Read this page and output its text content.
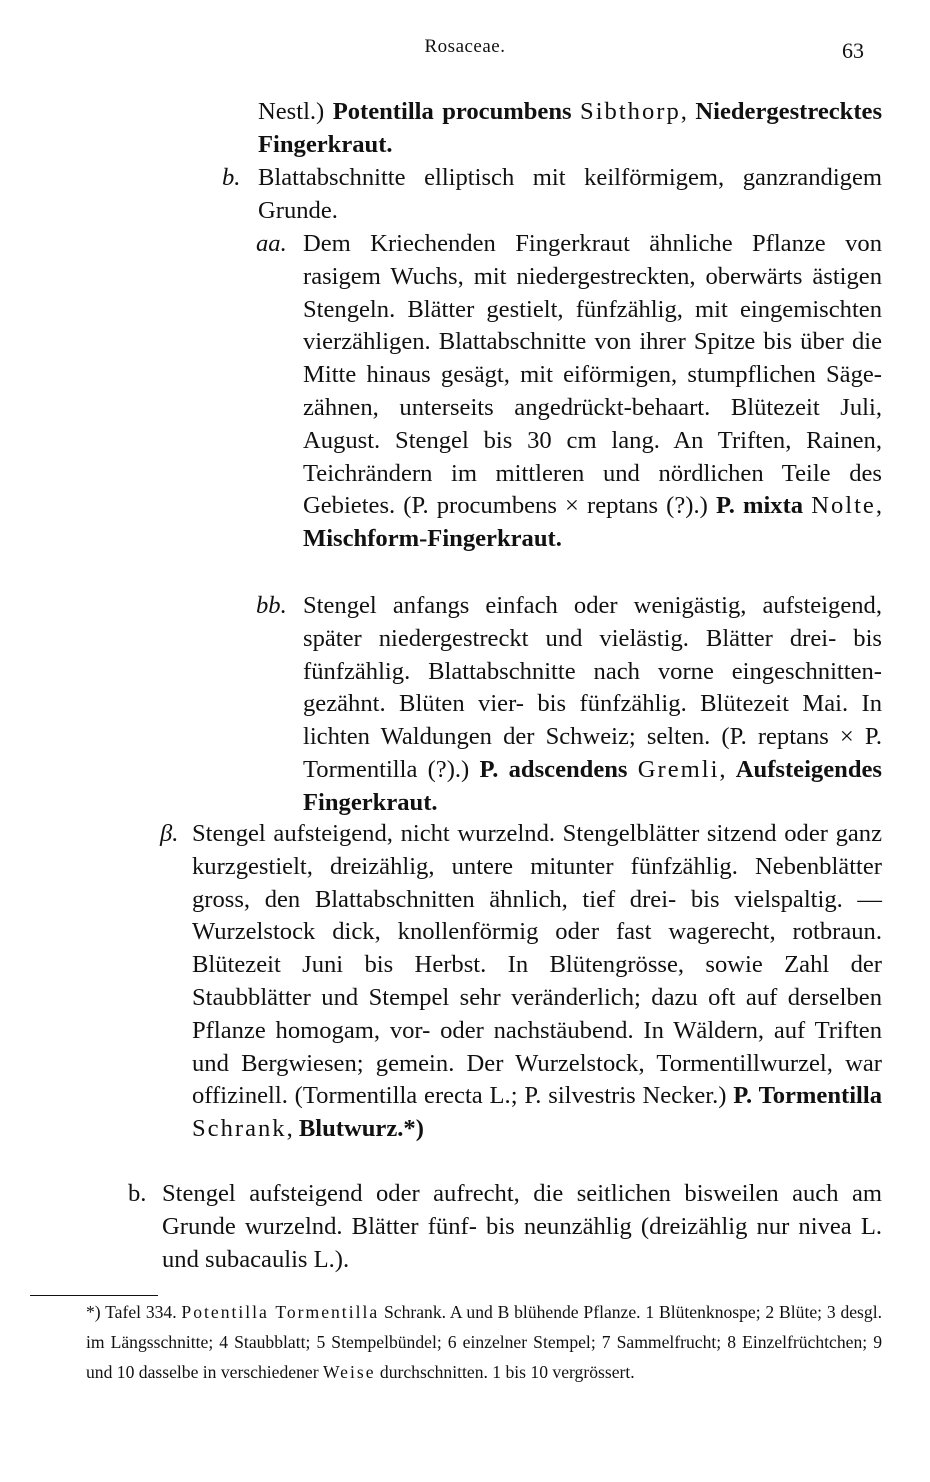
Rosaceae.	63
Nestl.) Potentilla procumbens Sibthorp, Niedergestrecktes Fingerkraut.
b. Blattabschnitte elliptisch mit keilförmigem, ganzrandigem Grunde.
aa. Dem Kriechenden Fingerkraut ähnliche Pflanze von rasigem Wuchs, mit niedergestreckten, oberwärts ästigen Stengeln. Blätter gestielt, fünfzählig, mit eingemischten vierzähligen. Blattabschnitte von ihrer Spitze bis über die Mitte hinaus gesägt, mit eiförmigen, stumpflichen Sägezähnen, unterseits angedrückt-behaart. Blütezeit Juli, August. Stengel bis 30 cm lang. An Triften, Rainen, Teichrändern im mittleren und nördlichen Teile des Gebietes. (P. procumbens × reptans (?).) P. mixta Nolte, Mischform-Fingerkraut.
bb. Stengel anfangs einfach oder wenigästig, aufsteigend, später niedergestreckt und vielästig. Blätter drei- bis fünfzählig. Blattabschnitte nach vorne eingeschnitten-gezähnt. Blüten vier- bis fünfzählig. Blütezeit Mai. In lichten Waldungen der Schweiz; selten. (P. reptans × P. Tormentilla (?).) P. adscendens Gremli, Aufsteigendes Fingerkraut.
β. Stengel aufsteigend, nicht wurzelnd. Stengelblätter sitzend oder ganz kurzgestielt, dreizählig, untere mitunter fünfzählig. Nebenblätter gross, den Blattabschnitten ähnlich, tief drei- bis vielspaltig. — Wurzelstock dick, knollenförmig oder fast wagerecht, rotbraun. Blütezeit Juni bis Herbst. In Blütengrösse, sowie Zahl der Staubblätter und Stempel sehr veränderlich; dazu oft auf derselben Pflanze homogam, vor- oder nachstäubend. In Wäldern, auf Triften und Bergwiesen; gemein. Der Wurzelstock, Tormentillwurzel, war offizinell. (Tormentilla erecta L.; P. silvestris Necker.) P. Tormentilla Schrank, Blutwurz.*)
b. Stengel aufsteigend oder aufrecht, die seitlichen bisweilen auch am Grunde wurzelnd. Blätter fünf- bis neunzählig (dreizählig nur nivea L. und subacaulis L.).
*) Tafel 334. Potentilla Tormentilla Schrank. A und B blühende Pflanze. 1 Blütenknospe; 2 Blüte; 3 desgl. im Längsschnitte; 4 Staubblatt; 5 Stempelbündel; 6 einzelner Stempel; 7 Sammelfrucht; 8 Einzelfrüchtchen; 9 und 10 dasselbe in verschiedener Weise durchschnitten. 1 bis 10 vergrössert.
